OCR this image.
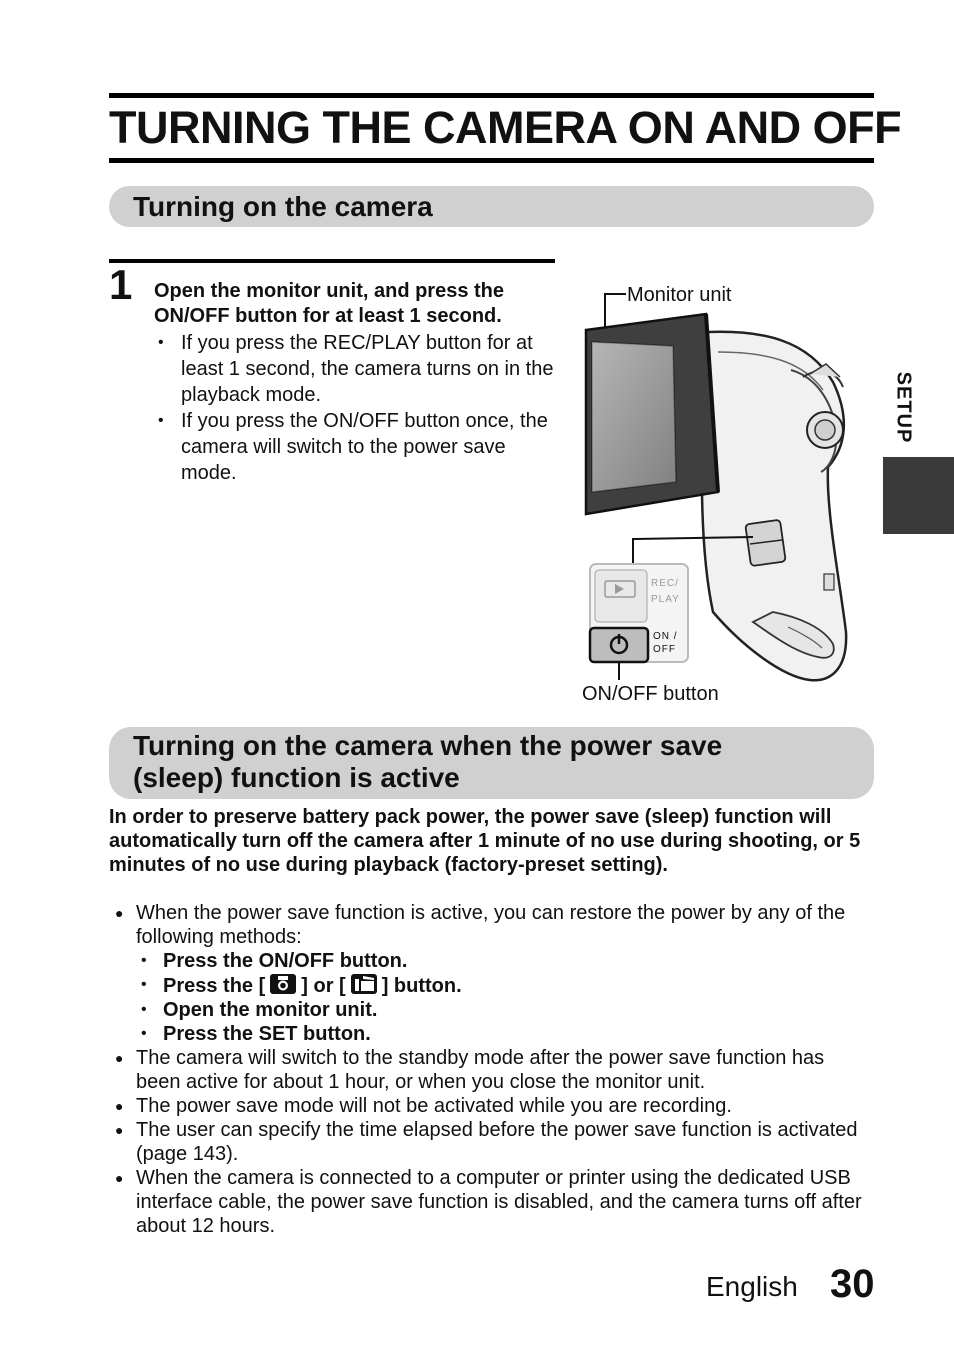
TURNING THE CAMERA ON AND OFF
Turning on the camera
1 Open the monitor unit, and press the ON/OFF button for at least 1 second.
• If you press the REC/PLAY button for at least 1 second, the camera turns on in the playback mode.
• If you press the ON/OFF button once, the camera will switch to the power save mode.
REC/
PLAY
ON /
OFF
Monitor unit
ON/OFF button
SETUP
Turning on the camera when the power save
(sleep) function is active
In order to preserve battery pack power, the power save (sleep) function will automatically turn off the camera after 1 minute of no use during shooting, or 5 minutes of no use during playback (factory-preset setting).
● When the power save function is active, you can restore the power by any of the following methods:
• Press the ON/OFF button.
• Press the [ ] or [ ] button.
• Open the monitor unit.
• Press the SET button.
● The camera will switch to the standby mode after the power save function has been active for about 1 hour, or when you close the monitor unit.
● The power save mode will not be activated while you are recording.
● The user can specify the time elapsed before the power save function is activated (page 143).
● When the camera is connected to a computer or printer using the dedicated USB interface cable, the power save function is disabled, and the camera turns off after about 12 hours.
English 30
